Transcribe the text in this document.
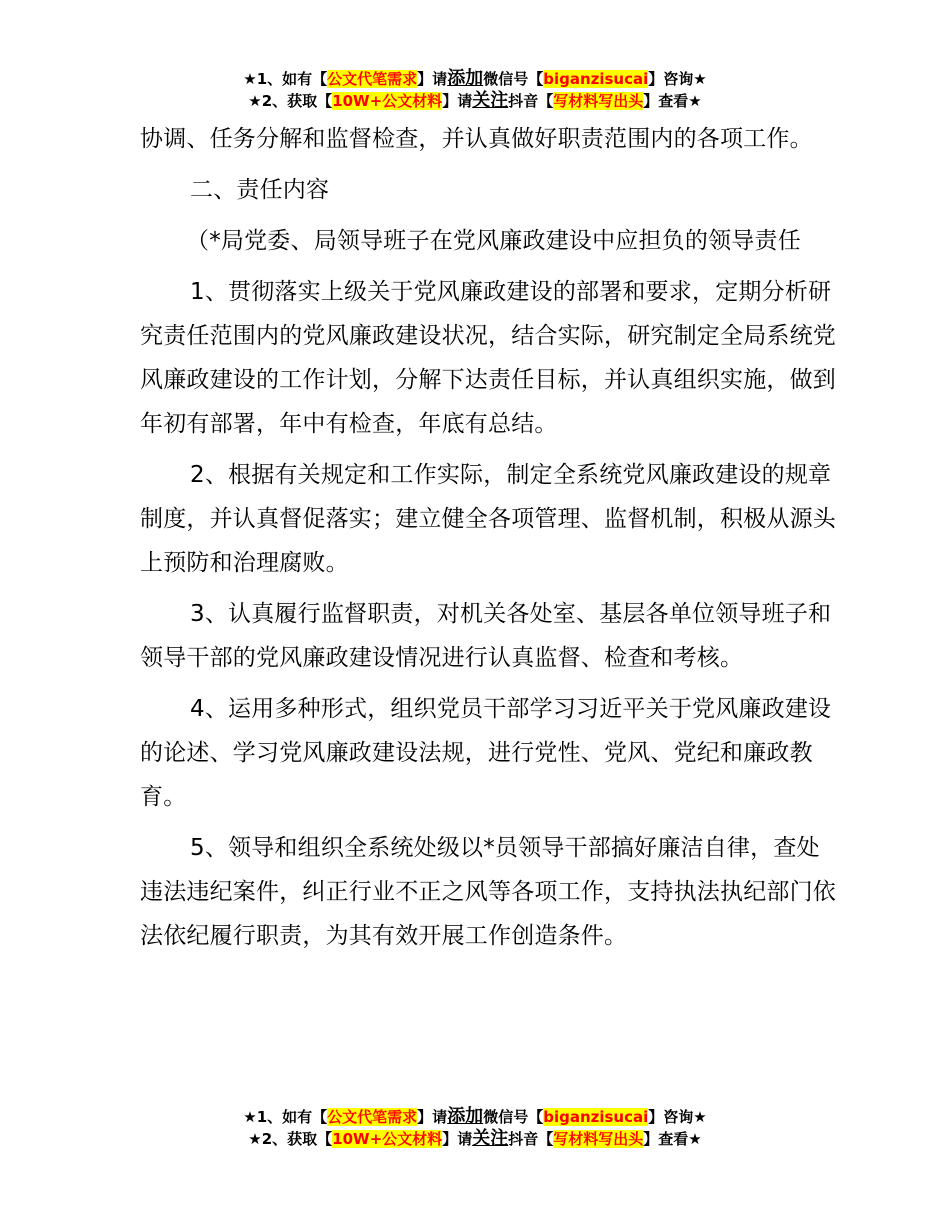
★1、如有【公文代笔需求】请添加微信号【biganzisucai】咨询★
★2、获取【10W+公文材料】请关注抖音【写材料写出头】查看★

协调、任务分解和监督检查，并认真做好职责范围内的各项工作。

二、责任内容

（*局党委、局领导班子在党风廉政建设中应担负的领导责任

1、贯彻落实上级关于党风廉政建设的部署和要求，定期分析研究责任范围内的党风廉政建设状况，结合实际，研究制定全局系统党风廉政建设的工作计划，分解下达责任目标，并认真组织实施，做到年初有部署，年中有检查，年底有总结。

2、根据有关规定和工作实际，制定全系统党风廉政建设的规章制度，并认真督促落实；建立健全各项管理、监督机制，积极从源头上预防和治理腐败。

3、认真履行监督职责，对机关各处室、基层各单位领导班子和领导干部的党风廉政建设情况进行认真监督、检查和考核。

4、运用多种形式，组织党员干部学习习近平关于党风廉政建设的论述、学习党风廉政建设法规，进行党性、党风、党纪和廉政教育。

5、领导和组织全系统处级以*员领导干部搞好廉洁自律，查处违法违纪案件，纠正行业不正之风等各项工作，支持执法执纪部门依法依纪履行职责，为其有效开展工作创造条件。

★1、如有【公文代笔需求】请添加微信号【biganzisucai】咨询★
★2、获取【10W+公文材料】请关注抖音【写材料写出头】查看★
